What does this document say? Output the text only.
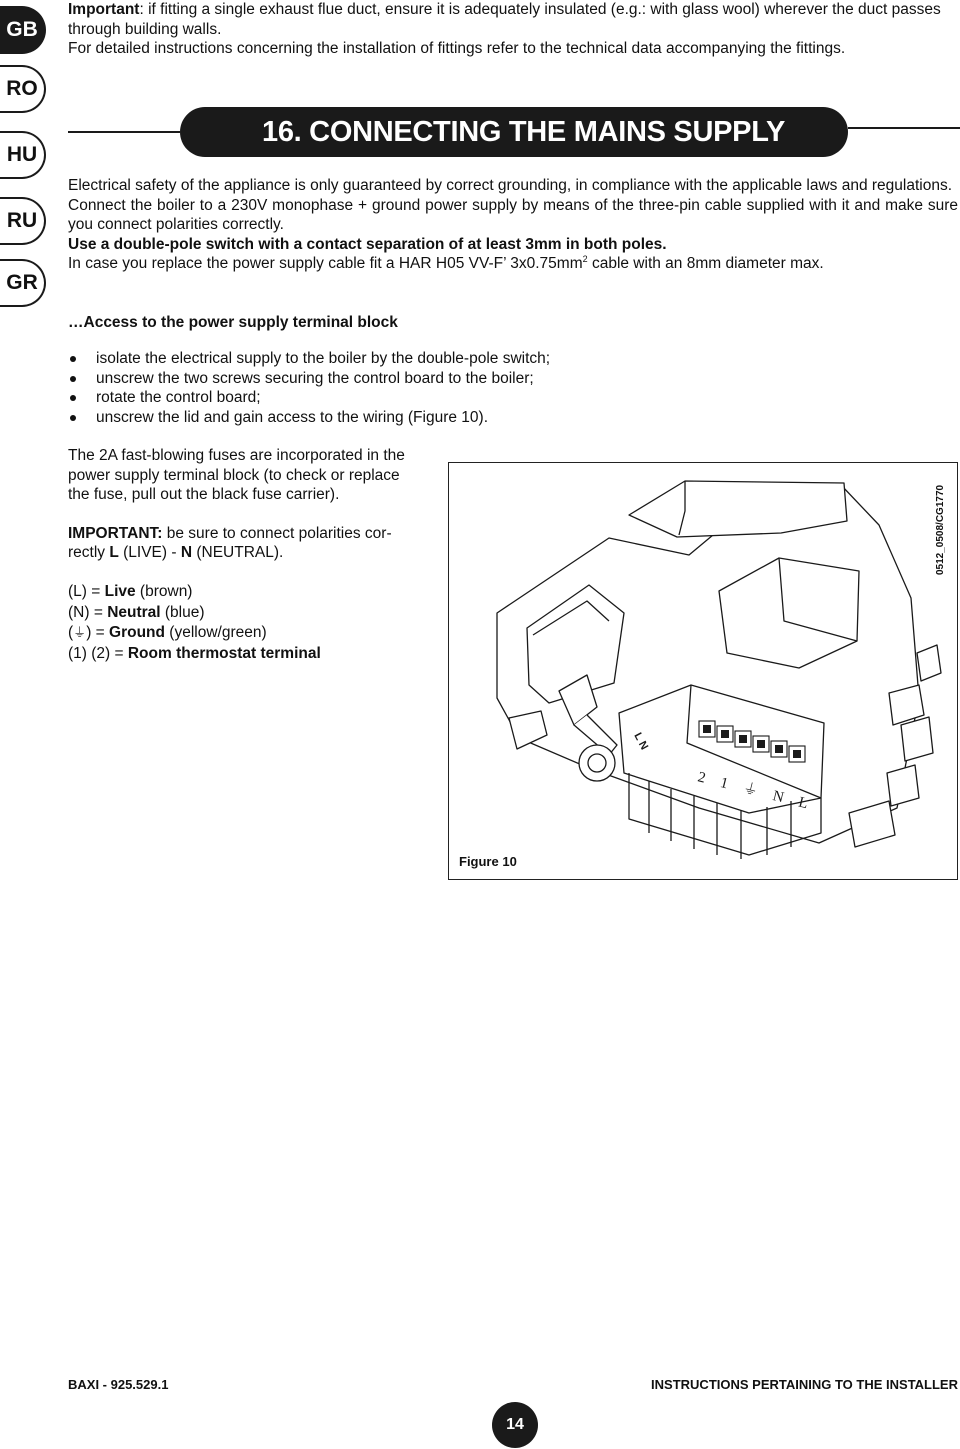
GB
RO
HU
RU
GR

Important: if fitting a single exhaust flue duct, ensure it is adequately insulated (e.g.: with glass wool) wherever the duct passes through building walls.

For detailed instructions concerning the installation of fittings refer to the technical data accompanying the fittings.

16. CONNECTING THE MAINS SUPPLY

Electrical safety of the appliance is only guaranteed by correct grounding, in compliance with the applicable laws and regulations.

Connect the boiler to a 230V monophase + ground power supply by means of the three-pin cable supplied with it and make sure you connect polarities correctly.

Use a double-pole switch with a contact separation of at least 3mm in both poles.

In case you replace the power supply cable fit a HAR H05 VV-F’ $3x0.75mm^2$ cable with an 8mm diameter max.

…Access to the power supply terminal block
isolate the electrical supply to the boiler by the double-pole switch;
unscrew the two screws securing the control board to the boiler;
rotate the control board;
unscrew the lid and gain access to the wiring (Figure 10).

The 2A fast-blowing fuses are incorporated in the

power supply terminal block (to check or replace

the fuse, pull out the black fuse carrier).

IMPORTANT: be sure to connect polarities cor-

rectly L (LIVE) - N (NEUTRAL).

(L) = Live (brown)
(N) = Neutral (blue)
(⏚) = Ground (yellow/green)
(1) (2) = Room thermostat terminal
2 1 ⏚ N L
L N
0512_0508/CG1770
Figure 10
BAXI - 925.529.1
14
INSTRUCTIONS PERTAINING TO THE INSTALLER
